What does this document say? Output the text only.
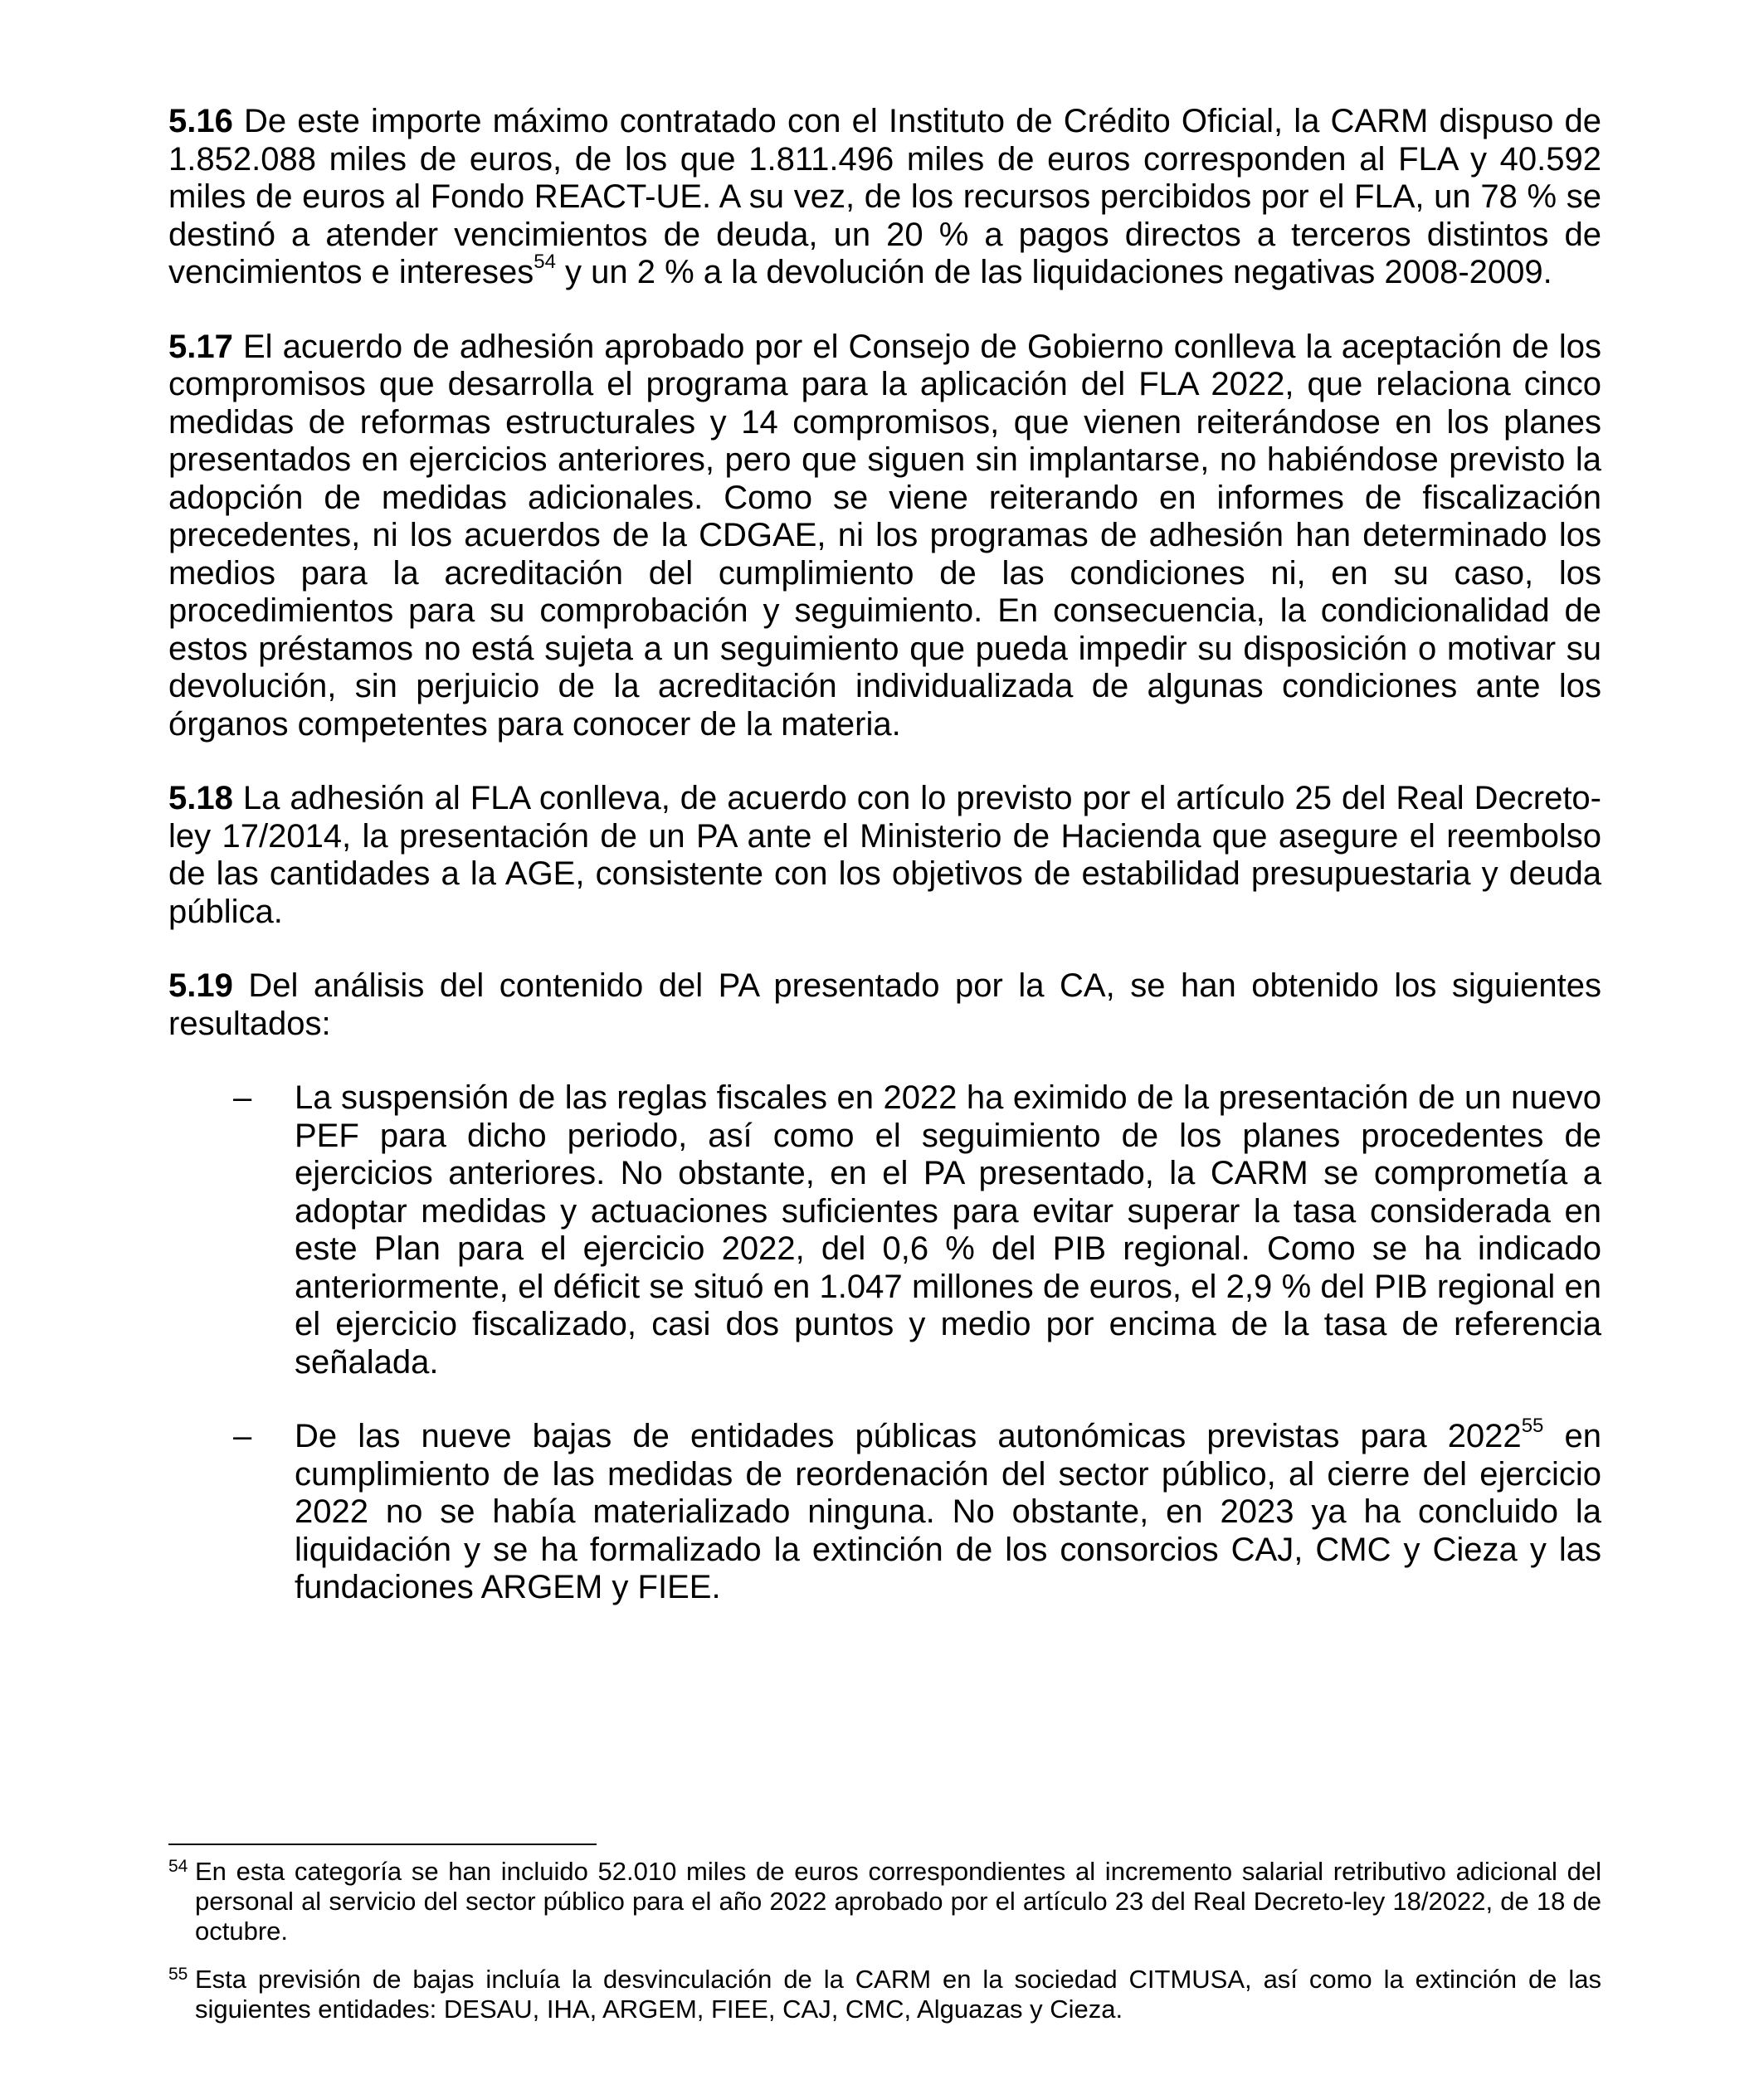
5.16 De este importe máximo contratado con el Instituto de Crédito Oficial, la CARM dispuso de 1.852.088 miles de euros, de los que 1.811.496 miles de euros corresponden al FLA y 40.592 miles de euros al Fondo REACT-UE. A su vez, de los recursos percibidos por el FLA, un 78 % se destinó a atender vencimientos de deuda, un 20 % a pagos directos a terceros distintos de vencimientos e intereses$^{54}$ y un 2 % a la devolución de las liquidaciones negativas 2008-2009.

5.17 El acuerdo de adhesión aprobado por el Consejo de Gobierno conlleva la aceptación de los compromisos que desarrolla el programa para la aplicación del FLA 2022, que relaciona cinco medidas de reformas estructurales y 14 compromisos, que vienen reiterándose en los planes presentados en ejercicios anteriores, pero que siguen sin implantarse, no habiéndose previsto la adopción de medidas adicionales. Como se viene reiterando en informes de fiscalización precedentes, ni los acuerdos de la CDGAE, ni los programas de adhesión han determinado los medios para la acreditación del cumplimiento de las condiciones ni, en su caso, los procedimientos para su comprobación y seguimiento. En consecuencia, la condicionalidad de estos préstamos no está sujeta a un seguimiento que pueda impedir su disposición o motivar su devolución, sin perjuicio de la acreditación individualizada de algunas condiciones ante los órganos competentes para conocer de la materia.

5.18 La adhesión al FLA conlleva, de acuerdo con lo previsto por el artículo 25 del Real Decreto-ley 17/2014, la presentación de un PA ante el Ministerio de Hacienda que asegure el reembolso de las cantidades a la AGE, consistente con los objetivos de estabilidad presupuestaria y deuda pública.

5.19 Del análisis del contenido del PA presentado por la CA, se han obtenido los siguientes resultados:

– La suspensión de las reglas fiscales en 2022 ha eximido de la presentación de un nuevo PEF para dicho periodo, así como el seguimiento de los planes procedentes de ejercicios anteriores. No obstante, en el PA presentado, la CARM se comprometía a adoptar medidas y actuaciones suficientes para evitar superar la tasa considerada en este Plan para el ejercicio 2022, del 0,6 % del PIB regional. Como se ha indicado anteriormente, el déficit se situó en 1.047 millones de euros, el 2,9 % del PIB regional en el ejercicio fiscalizado, casi dos puntos y medio por encima de la tasa de referencia señalada.
– De las nueve bajas de entidades públicas autonómicas previstas para 2022$^{55}$ en cumplimiento de las medidas de reordenación del sector público, al cierre del ejercicio 2022 no se había materializado ninguna. No obstante, en 2023 ya ha concluido la liquidación y se ha formalizado la extinción de los consorcios CAJ, CMC y Cieza y las fundaciones ARGEM y FIEE.

54 En esta categoría se han incluido 52.010 miles de euros correspondientes al incremento salarial retributivo adicional del personal al servicio del sector público para el año 2022 aprobado por el artículo 23 del Real Decreto-ley 18/2022, de 18 de octubre.

55 Esta previsión de bajas incluía la desvinculación de la CARM en la sociedad CITMUSA, así como la extinción de las siguientes entidades: DESAU, IHA, ARGEM, FIEE, CAJ, CMC, Alguazas y Cieza.
